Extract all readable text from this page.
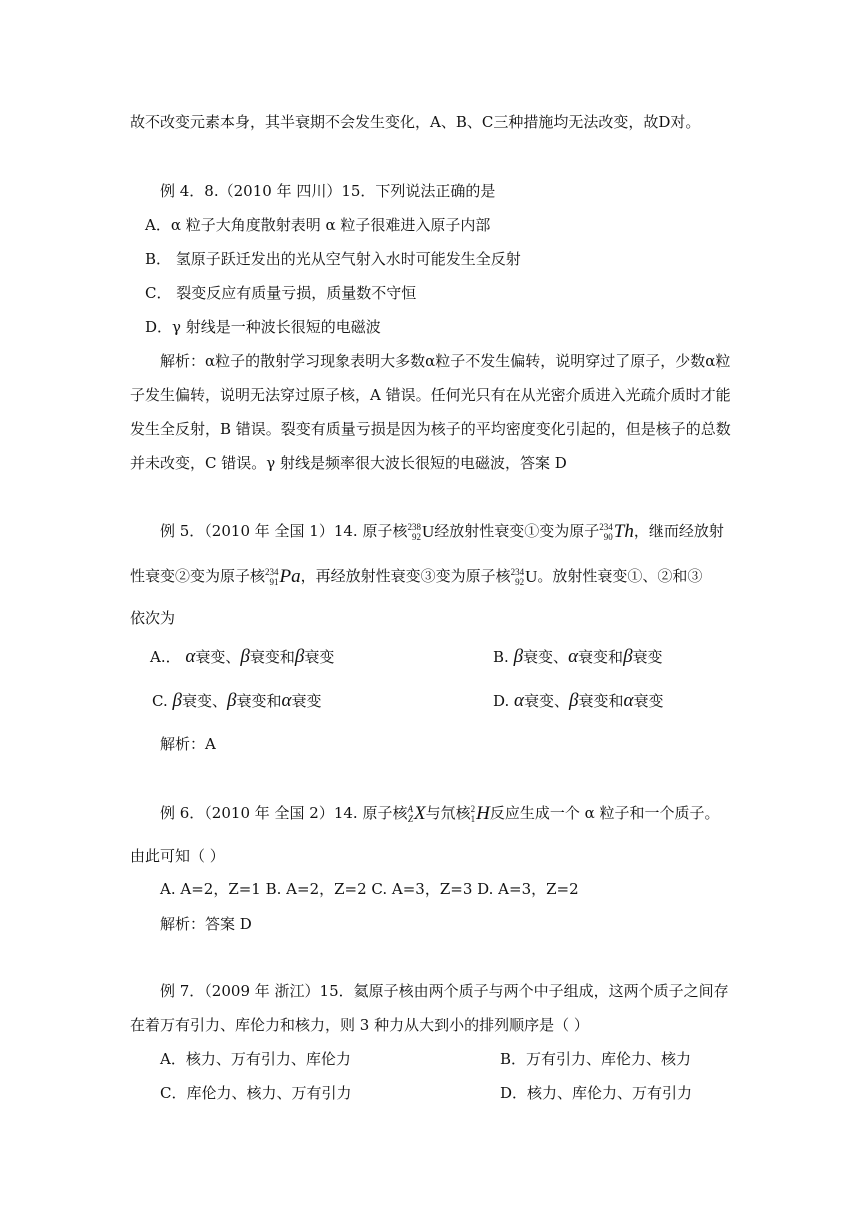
故不改变元素本身，其半衰期不会发生变化，A、B、C三种措施均无法改变，故D对。
例 4．8.（2010 年 四川）15．下列说法正确的是
A．α 粒子大角度散射表明 α 粒子很难进入原子内部
B． 氢原子跃迁发出的光从空气射入水时可能发生全反射
C． 裂变反应有质量亏损，质量数不守恒
D．γ 射线是一种波长很短的电磁波
解析：α粒子的散射学习现象表明大多数α粒子不发生偏转，说明穿过了原子，少数α粒
子发生偏转，说明无法穿过原子核，A 错误。任何光只有在从光密介质进入光疏介质时才能
发生全反射，B 错误。裂变有质量亏损是因为核子的平均密度变化引起的，但是核子的总数
并未改变，C 错误。γ 射线是频率很大波长很短的电磁波，答案 D
例 5．（2010 年 全国 1）14. 原子核 238
92 U 经放射性衰变①变为原子 234
90 Th ，继而经放射
性衰变②变为原子核 234
91 Pa ，再经放射性衰变③变为原子核 234
92 U 。放射性衰变①、②和③
依次为
A.． α衰变、β衰变和β衰变	B. β衰变、α衰变和β衰变
C. β衰变、β衰变和α衰变	D. α衰变、β衰变和α衰变
解析：A
例 6．（2010 年 全国 2）14. 原子核 A
Z X 与氘核 2
1 H 反应生成一个 α 粒子和一个质子。
由此可知（ ）
A. A=2，Z=1 B. A=2，Z=2 C. A=3，Z=3 D. A=3，Z=2
解析：答案 D
例 7．（2009 年 浙江）15．氦原子核由两个质子与两个中子组成，这两个质子之间存
在着万有引力、库伦力和核力，则 3 种力从大到小的排列顺序是（ ）
A．核力、万有引力、库伦力	B．万有引力、库伦力、核力
C．库伦力、核力、万有引力	D．核力、库伦力、万有引力
